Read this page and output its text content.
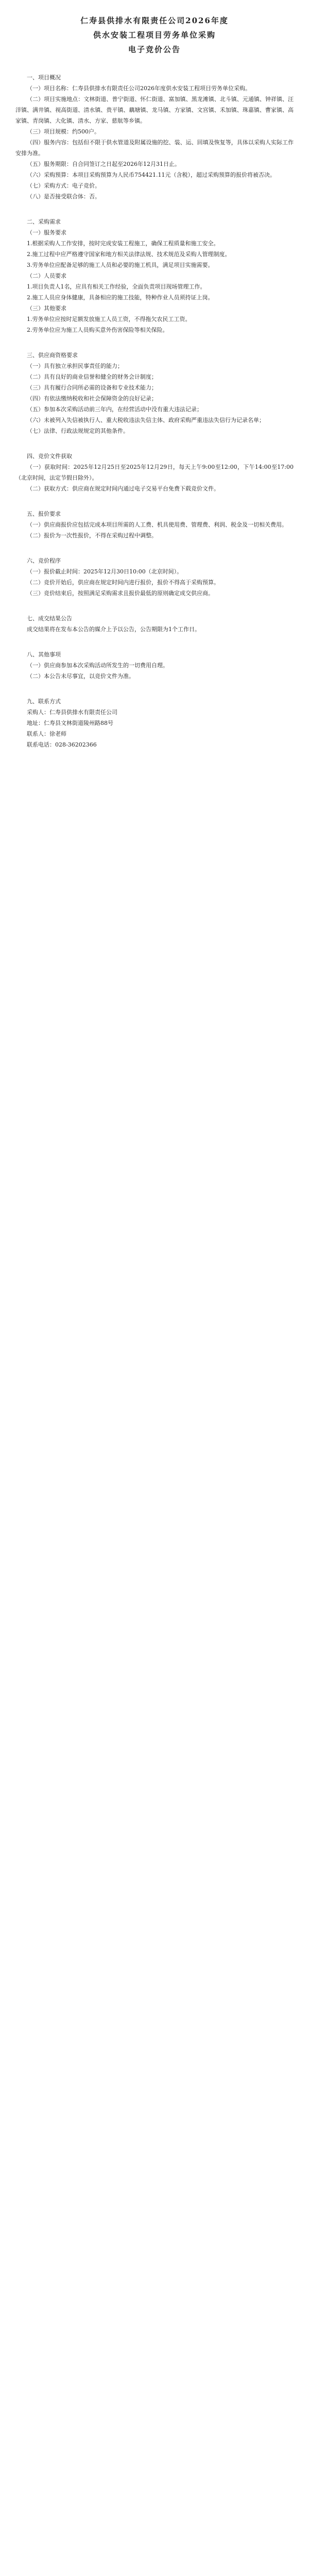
仁寿县供排水有限责任公司2026年度

供水安装工程项目劳务单位采购

电子竞价公告

一、项目概况

（一）项目名称：仁寿县供排水有限责任公司2026年度供水安装工程项目劳务单位采购。

（二）项目实施地点：文林街道、普宁街道、怀仁街道、富加镇、黑龙滩镇、北斗镇、元通镇、钟祥镇、汪洋镇、满井镇、视高街道、清水镇、贵平镇、藕塘镇、龙马镇、方家镇、文宫镇、禾加镇、珠嘉镇、曹家镇、高家镇、青岗镇、大化镇、清水、方家、慈航等乡镇。

（三）项目规模：约500户。

（四）服务内容：包括但不限于供水管道及附属设施的挖、装、运、回填及恢复等，具体以采购人实际工作安排为准。

（五）服务期限：自合同签订之日起至2026年12月31日止。

（六）采购预算：本项目采购预算为人民币754421.11元（含税），超过采购预算的报价将被否决。

（七）采购方式：电子竞价。

（八）是否接受联合体：否。

二、采购需求

（一）服务要求

1.根据采购人工作安排，按时完成安装工程施工，确保工程质量和施工安全。

2.施工过程中应严格遵守国家和地方相关法律法规、技术规范及采购人管理制度。

3.劳务单位应配备足够的施工人员和必要的施工机具，满足项目实施需要。

（二）人员要求

1.项目负责人1名，应具有相关工作经验，全面负责项目现场管理工作。

2.施工人员应身体健康，具备相应的施工技能，特种作业人员须持证上岗。

（三）其他要求

1.劳务单位应按时足额发放施工人员工资，不得拖欠农民工工资。

2.劳务单位应为施工人员购买意外伤害保险等相关保险。

三、供应商资格要求

（一）具有独立承担民事责任的能力；

（二）具有良好的商业信誉和健全的财务会计制度；

（三）具有履行合同所必需的设备和专业技术能力；

（四）有依法缴纳税收和社会保障资金的良好记录；

（五）参加本次采购活动前三年内，在经营活动中没有重大违法记录；

（六）未被列入失信被执行人、重大税收违法失信主体、政府采购严重违法失信行为记录名单；

（七）法律、行政法规规定的其他条件。

四、竞价文件获取

（一）获取时间：2025年12月25日至2025年12月29日，每天上午9:00至12:00，下午14:00至17:00（北京时间，法定节假日除外）。

（二）获取方式：供应商在规定时间内通过电子交易平台免费下载竞价文件。

五、报价要求

（一）供应商报价应包括完成本项目所需的人工费、机具使用费、管理费、利润、税金及一切相关费用。

（二）报价为一次性报价，不得在采购过程中调整。

六、竞价程序

（一）报价截止时间：2025年12月30日10:00（北京时间）。

（二）竞价开始后，供应商在规定时间内进行报价，报价不得高于采购预算。

（三）竞价结束后，按照满足采购需求且报价最低的原则确定成交供应商。

七、成交结果公告

成交结果将在发布本公告的媒介上予以公告，公告期限为1个工作日。

八、其他事项

（一）供应商参加本次采购活动所发生的一切费用自理。

（二）本公告未尽事宜，以竞价文件为准。

九、联系方式

采购人：仁寿县供排水有限责任公司

地址：仁寿县文林街道陵州路88号

联系人：徐老师

联系电话：028-36202366
